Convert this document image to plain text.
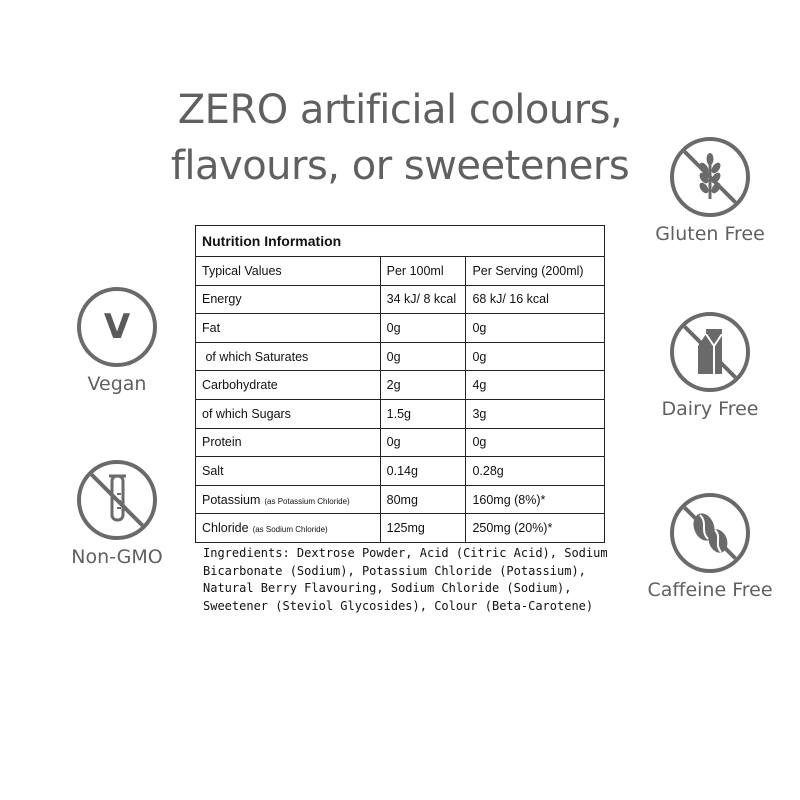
ZERO artificial colours,
flavours, or sweeteners
V
Vegan
Non-GMO
Gluten Free
Dairy Free
Caffeine Free
Nutrition Information		
Typical Values	Per 100ml	Per Serving (200ml)
Energy	34 kJ/ 8 kcal	68 kJ/ 16 kcal
Fat	0g	0g
of which Saturates	0g	0g
Carbohydrate	2g	4g
of which Sugars	1.5g	3g
Protein	0g	0g
Salt	0.14g	0.28g
Potassium (as Potassium Chloride)	80mg	160mg (8%)*
Chloride (as Sodium Chloride)	125mg	250mg (20%)*

Ingredients: Dextrose Powder, Acid (Citric Acid), Sodium
Bicarbonate (Sodium), Potassium Chloride (Potassium),
Natural Berry Flavouring, Sodium Chloride (Sodium),
Sweetener (Steviol Glycosides), Colour (Beta-Carotene)
